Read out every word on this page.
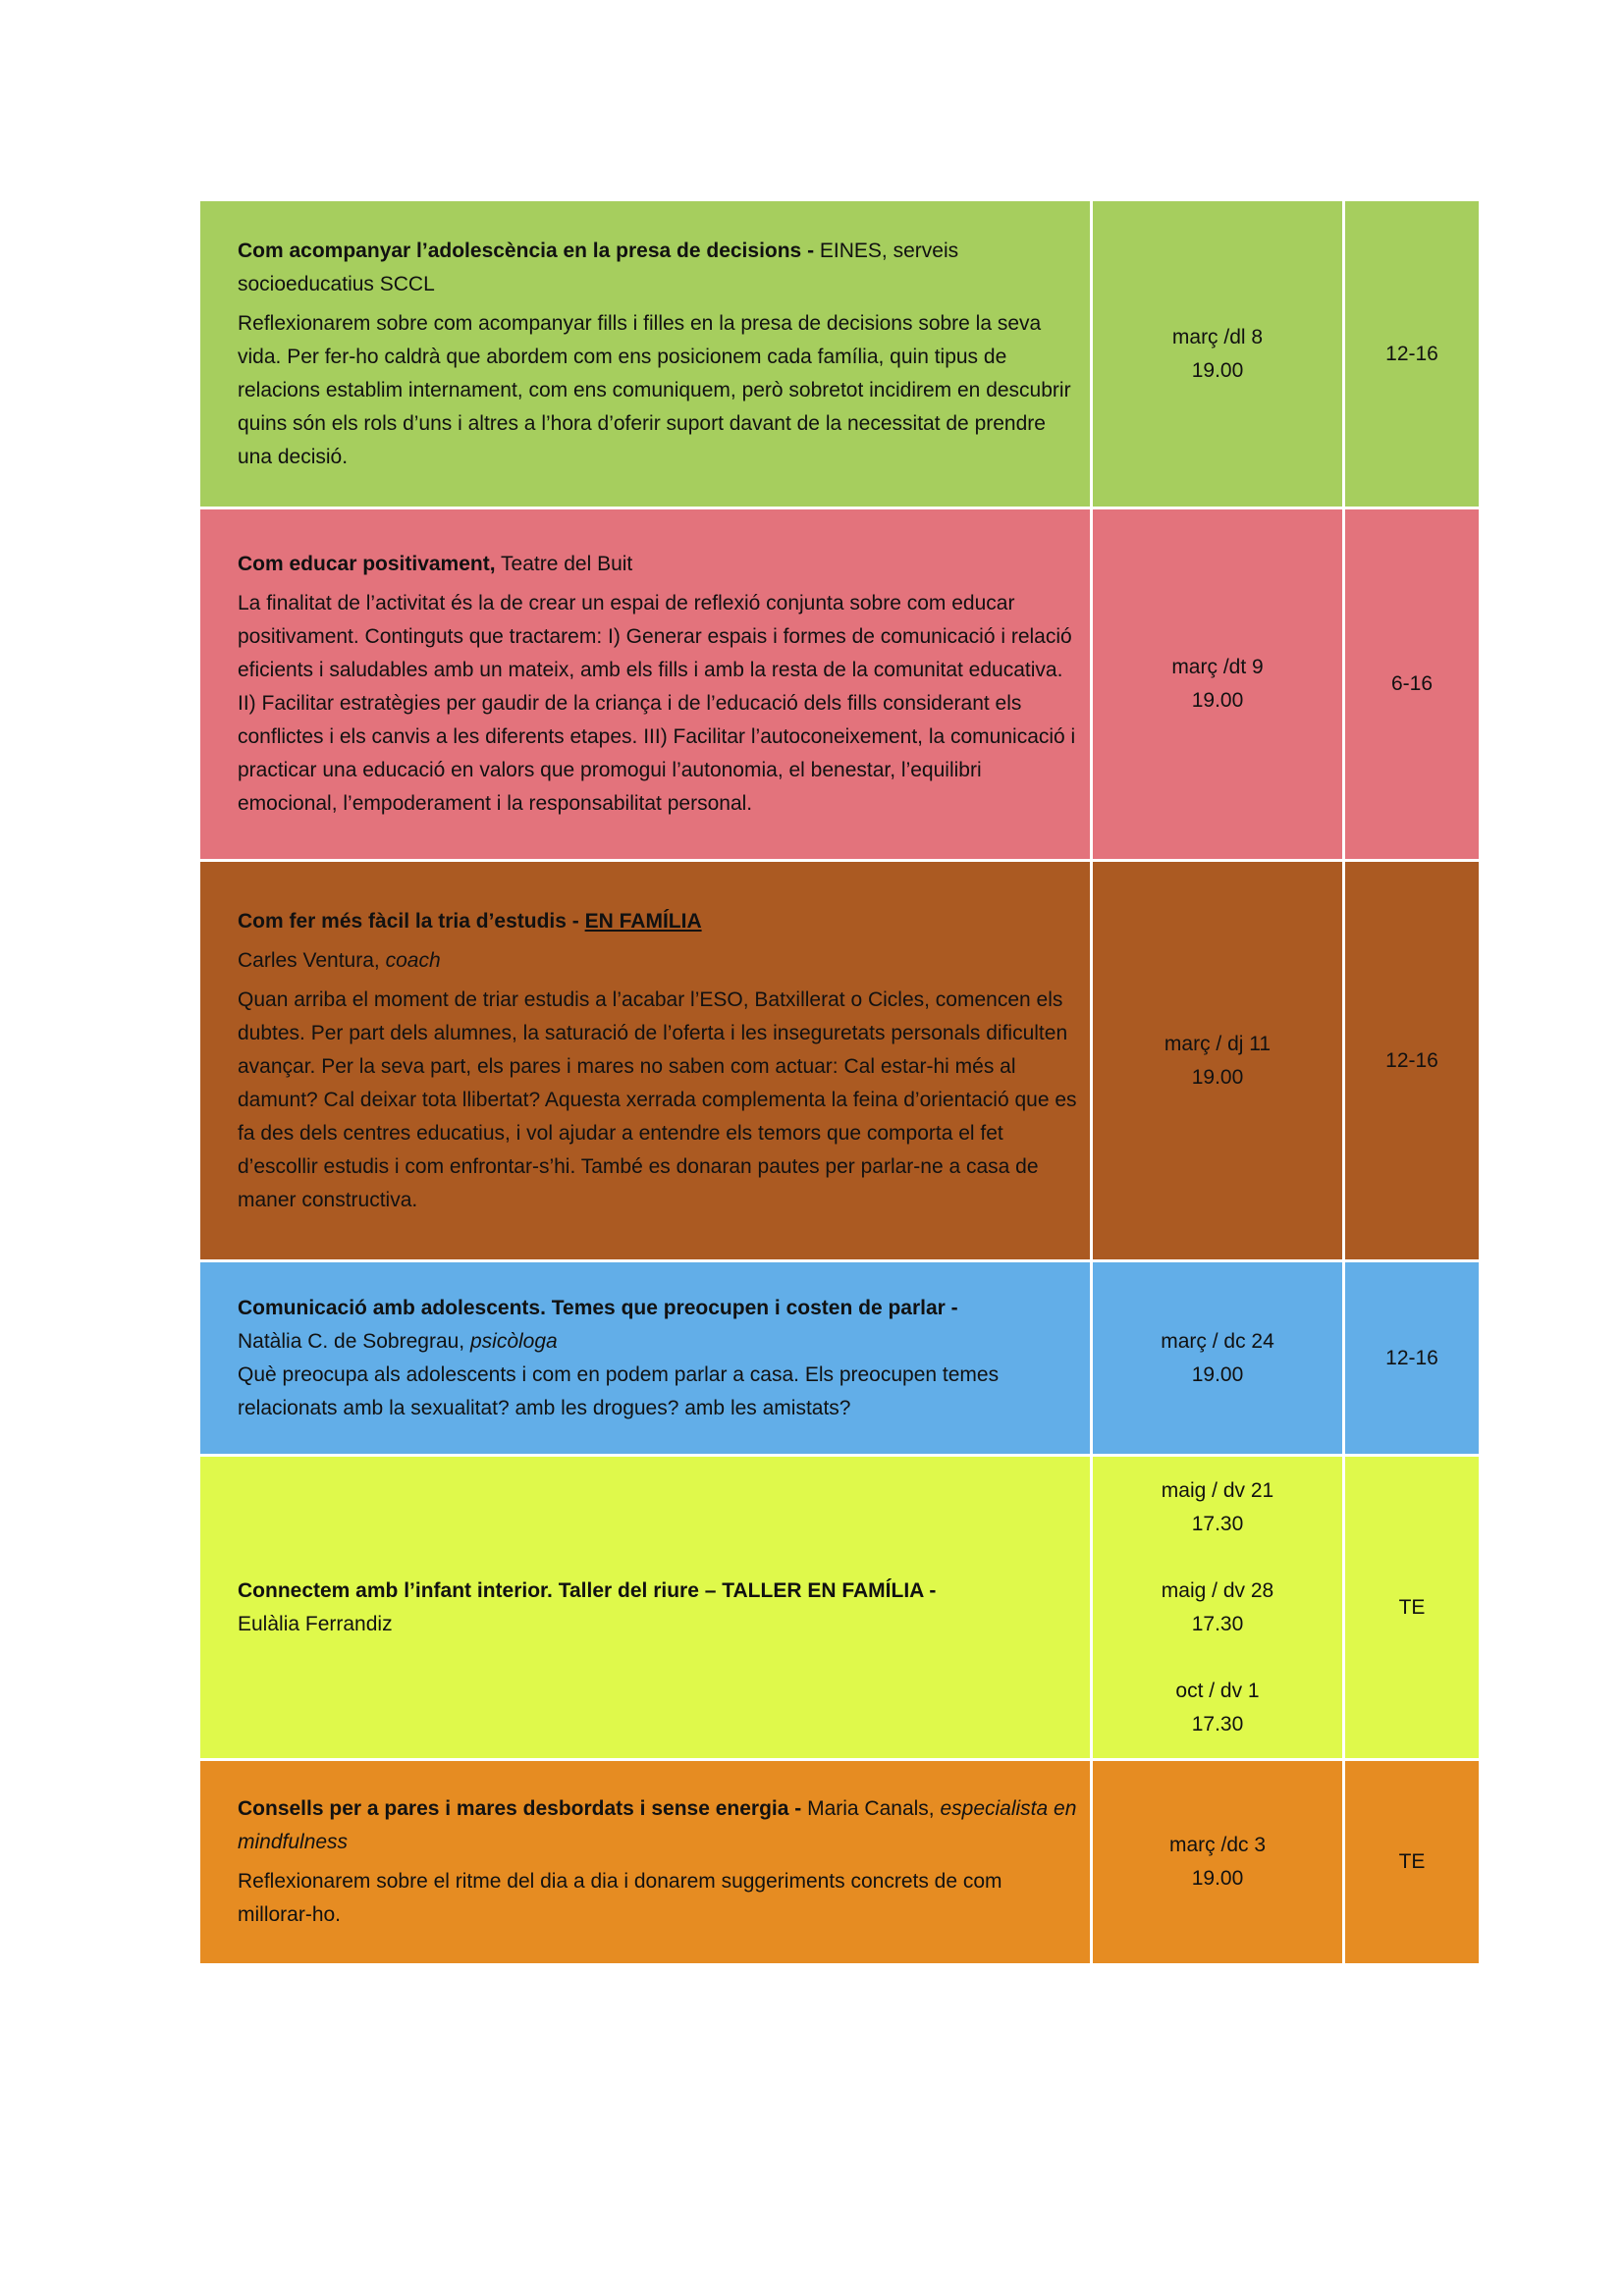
Com acompanyar l’adolescència en la presa de decisions - EINES, serveis socioeducatius SCCL

Reflexionarem sobre com acompanyar fills i filles en la presa de decisions sobre la seva vida. Per fer-ho caldrà que abordem com ens posicionem cada família, quin tipus de relacions establim internament, com ens comuniquem, però sobretot incidirem en descubrir quins són els rols d’uns i altres a l’hora d’oferir suport davant de la necessitat de prendre una decisió.

març /dl 8
19.00
12-16

Com educar positivament, Teatre del Buit

La finalitat de l’activitat és la de crear un espai de reflexió conjunta sobre com educar positivament. Continguts que tractarem: I) Generar espais i formes de comunicació i relació eficients i saludables amb un mateix, amb els fills i amb la resta de la comunitat educativa. II) Facilitar estratègies per gaudir de la criança i de l’educació dels fills considerant els conflictes i els canvis a les diferents etapes. III) Facilitar l’autoconeixement, la comunicació i practicar una educació en valors que promogui l’autonomia, el benestar, l’equilibri emocional, l’empoderament i la responsabilitat personal.

març /dt 9
19.00
6-16

Com fer més fàcil la tria d’estudis - EN FAMÍLIA

Carles Ventura, coach

Quan arriba el moment de triar estudis a l’acabar l’ESO, Batxillerat o Cicles, comencen els dubtes. Per part dels alumnes, la saturació de l’oferta i les inseguretats personals dificulten avançar. Per la seva part, els pares i mares no saben com actuar: Cal estar-hi més al damunt? Cal deixar tota llibertat? Aquesta xerrada complementa la feina d’orientació que es fa des dels centres educatius, i vol ajudar a entendre els temors que comporta el fet d’escollir estudis i com enfrontar-s’hi. També es donaran pautes per parlar-ne a casa de maner constructiva.

març / dj 11
19.00
12-16

Comunicació amb adolescents. Temes que preocupen i costen de parlar -

Natàlia C. de Sobregrau, psicòloga

Què preocupa als adolescents i com en podem parlar a casa. Els preocupen temes relacionats amb la sexualitat? amb les drogues? amb les amistats?

març / dc 24
19.00
12-16

Connectem amb l’infant interior. Taller del riure – TALLER EN FAMÍLIA -

Eulàlia Ferrandiz

maig / dv 21
17.30
maig / dv 28
17.30
oct / dv 1
17.30
TE

Consells per a pares i mares desbordats i sense energia - Maria Canals, especialista en mindfulness

Reflexionarem sobre el ritme del dia a dia i donarem suggeriments concrets de com millorar-ho.

març /dc 3
19.00
TE
